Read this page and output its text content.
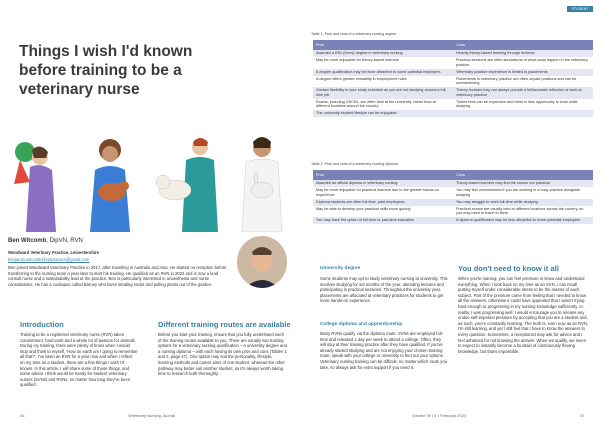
Things I wish I'd known before training to be a veterinary nurse
Ben Witcomb, DipVN, RVN
Woodward Veterinary Practice, Leicestershire
benjamin.witcomb@vetpractice@gmail.com
Ben joined Woodward Veterinary Practice in 2017, after travelling in Australia and Asia. He started on reception before transferring to the nursing team a year later to start his training. He qualified as an RVN in 2022 and is now a lead consult nurse and a sustainability lead at the practice. Ben is particularly interested in anaesthesia and nurse consultations. He has a cockapoo called Barney who loves stealing socks and pulling plants out of the garden.
Introduction
Training to be a registered veterinary nurse (RVN) takes commitment, hard work and a whole lot of passion for animals. During my training, there were plenty of times when I would stop and think to myself, 'How on earth am I going to remember all that?'. I've been an RVN for a year now and when I reflect on my time as a student, there are a few things I wish I'd known. In this article, I will share some of those things, and some advice I think would be handy for student veterinary nurses (SVNs) and RVNs, no matter how long they've been qualified.
Different training routes are available
Before you start your training, ensure that you fully understand each of the training routes available to you. There are usually two training options for a veterinary nursing qualification – a university degree and a nursing diploma – with each having its own pros and cons (Tables 1 and 2, page 47). One option may suit the personality, lifestyle, learning methods and career aims of one student, whereas the other pathway may better suit another student, so it's always worth taking time to research both thoroughly.
46	Veterinary Nursing Journal
STUDENT
Table 1. Pros and cons of a veterinary nursing degree
Pros	Cons
Awarded a BSc (Hons) degree in veterinary nursing	Heavily theory-based learning through lectures
May be more enjoyable for theory-based learners	Practical sessions are often simulations of what could happen in the veterinary practice
A degree qualification may be more attractive to some potential employers	Veterinary practice experience is limited to placements
A degree offers greater versatility in employment roles	Placements in veterinary practice are often unpaid positions and can be overwhelming
Greater flexibility in your study schedule as you are not studying around a full-time job	Theory lectures may not always provide a full/accurate reflection of work at veterinary practice
Exams, including OSCEs, are often held at the university, rather than at different locations around the country	Tuition fees can be expensive and there is less opportunity to work while studying
The university student lifestyle can be enjoyable	
Table 2. Pros and cons of a veterinary nursing diploma
Pros	Cons
Awarded an official diploma in veterinary nursing	Theory-based learners may find the course too practical
May be more enjoyable for practical learners due to the greater hands-on experience	You may feel overwhelmed if you are working in a busy practice alongside studying
Diploma students are often full-time, paid employees	You may struggle to work full-time while studying
May be able to develop your practical skills more quickly	Practical exams are usually held at different locations across the country, so you may need to travel to them
You may have the option of full-time or part-time education	A diploma qualification may be less attractive to some potential employers
University degree
Some students may opt to study veterinary nursing at university. This involves studying for set months of the year, attending lectures and participating in practical sessions. Throughout the university year, placements are allocated at veterinary practices for students to get more hands-on experience.
College diploma and apprenticeship
Many RVNs qualify via the diploma route. SVNs are employed full-time and released 1 day per week to attend a college. Often, they will stay at their training practice after they have qualified. If you've already started studying and are not enjoying your chosen training route, speak with your college or university to find out your options. Veterinary nursing training can be difficult, no matter which route you take, so always ask for extra support if you need it.
You don't need to know it all
When you're training, you can feel pressure to know and understand everything. When I look back on my time as an SVN, I can recall putting myself under considerable stress to be the master of each subject. Part of the pressure came from feeling that I needed to know all the answers, otherwise it could have appeared that I wasn't trying hard enough or progressing in my nursing knowledge sufficiently. In reality, I was progressing well. I would encourage you to release any undue self-imposed pressure by accepting that you are a student and, as such, you're constantly learning. The truth is, even now as an RVN, I'm still learning, and yet I still feel that I have to know the answers to every question. Sometimes, a receptionist may ask for advice and I feel ashamed for not knowing the answer. When we qualify, we seem to expect to instantly become a fountain of continuously flowing knowledge, but that's impossible.
Volume 39 | 5 • February 2024	47
